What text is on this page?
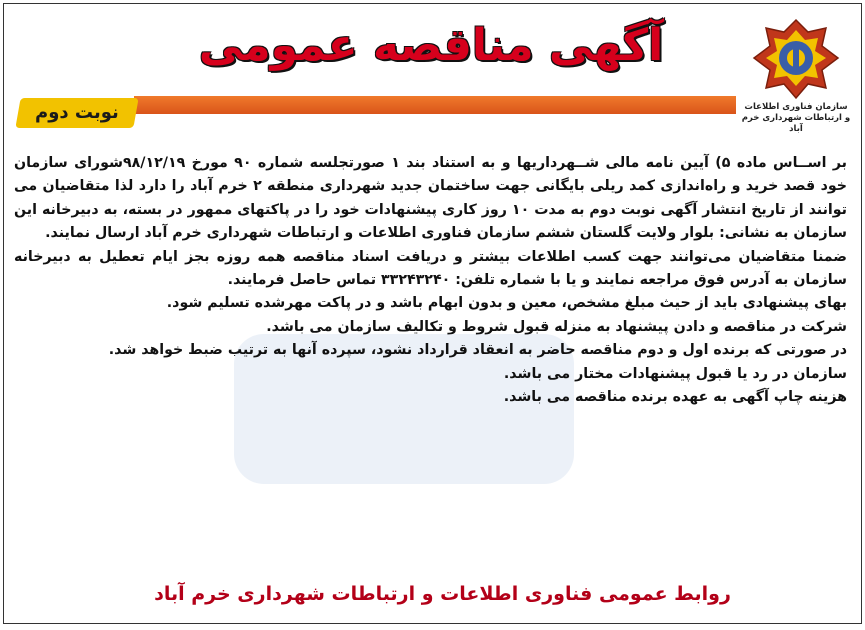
سازمان فناوری اطلاعات و ارتباطات شهرداری خرم آباد
آگهی مناقصه عمومی
نوبت دوم

بر اســاس ماده ۵) آیین نامه مالی شــهرداریها و به استناد بند ۱ صورتجلسه شماره ۹۰ مورخ ۹۸/۱۲/۱۹شورای سازمان خود قصد خرید و راه‌اندازی کمد ریلی بایگانی جهت ساختمان جدید شهرداری منطقه ۲ خرم آباد را دارد لذا متقاضیان می توانند از تاریخ انتشار آگهی نوبت دوم به مدت ۱۰ روز کاری پیشنهادات خود را در پاکتهای ممهور در بسته، به دبیرخانه این سازمان به نشانی: بلوار ولایت گلستان ششم سازمان فناوری اطلاعات و ارتباطات شهرداری خرم آباد ارسال نمایند.

ضمنا متقاضیان می‌توانند جهت کسب اطلاعات بیشتر و دریافت اسناد مناقصه همه روزه بجز ایام تعطیل به دبیرخانه سازمان به آدرس فوق مراجعه نمایند و یا با شماره تلفن: ۳۳۲۴۳۲۴۰ تماس حاصل فرمایند.

بهای پیشنهادی باید از حیث مبلغ مشخص، معین و بدون ابهام باشد و در پاکت مهرشده تسلیم شود.

شرکت در مناقصه و دادن پیشنهاد به منزله قبول شروط و تکالیف سازمان می باشد.

در صورتی که برنده اول و دوم مناقصه حاضر به انعقاد قرارداد نشود، سپرده آنها به ترتیب ضبط خواهد شد.

سازمان در رد یا قبول پیشنهادات مختار می باشد.

هزینه چاپ آگهی به عهده برنده مناقصه می باشد.

روابط عمومی فناوری اطلاعات و ارتباطات شهرداری خرم آباد
